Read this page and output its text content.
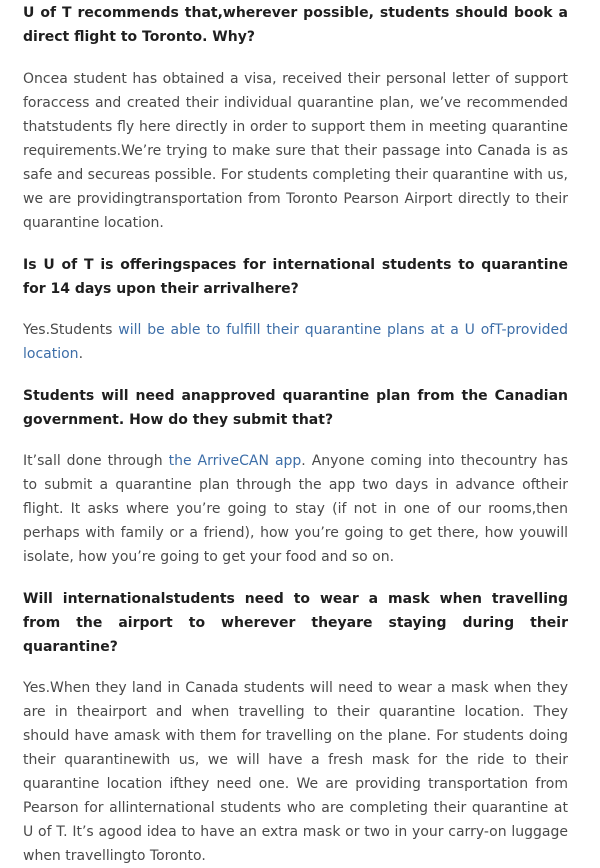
U of T recommends that,wherever possible, students should book a direct flight to Toronto. Why?

Oncea student has obtained a visa, received their personal letter of support foraccess and created their individual quarantine plan, we’ve recommended thatstudents fly here directly in order to support them in meeting quarantine requirements.We’re trying to make sure that their passage into Canada is as safe and secureas possible. For students completing their quarantine with us, we are providingtransportation from Toronto Pearson Airport directly to their quarantine location.

Is U of T is offeringspaces for international students to quarantine for 14 days upon their arrivalhere?

Yes.Students will be able to fulfill their quarantine plans at a U ofT-provided location.

Students will need anapproved quarantine plan from the Canadian government. How do they submit that?

It’sall done through the ArriveCAN app. Anyone coming into thecountry has to submit a quarantine plan through the app two days in advance oftheir flight. It asks where you’re going to stay (if not in one of our rooms,then perhaps with family or a friend), how you’re going to get there, how youwill isolate, how you’re going to get your food and so on.

Will internationalstudents need to wear a mask when travelling from the airport to wherever theyare staying during their quarantine?

Yes.When they land in Canada students will need to wear a mask when they are in theairport and when travelling to their quarantine location. They should have amask with them for travelling on the plane. For students doing their quarantinewith us, we will have a fresh mask for the ride to their quarantine location ifthey need one. We are providing transportation from Pearson for allinternational students who are completing their quarantine at U of T. It’s agood idea to have an extra mask or two in your carry-on luggage when travellingto Toronto.
